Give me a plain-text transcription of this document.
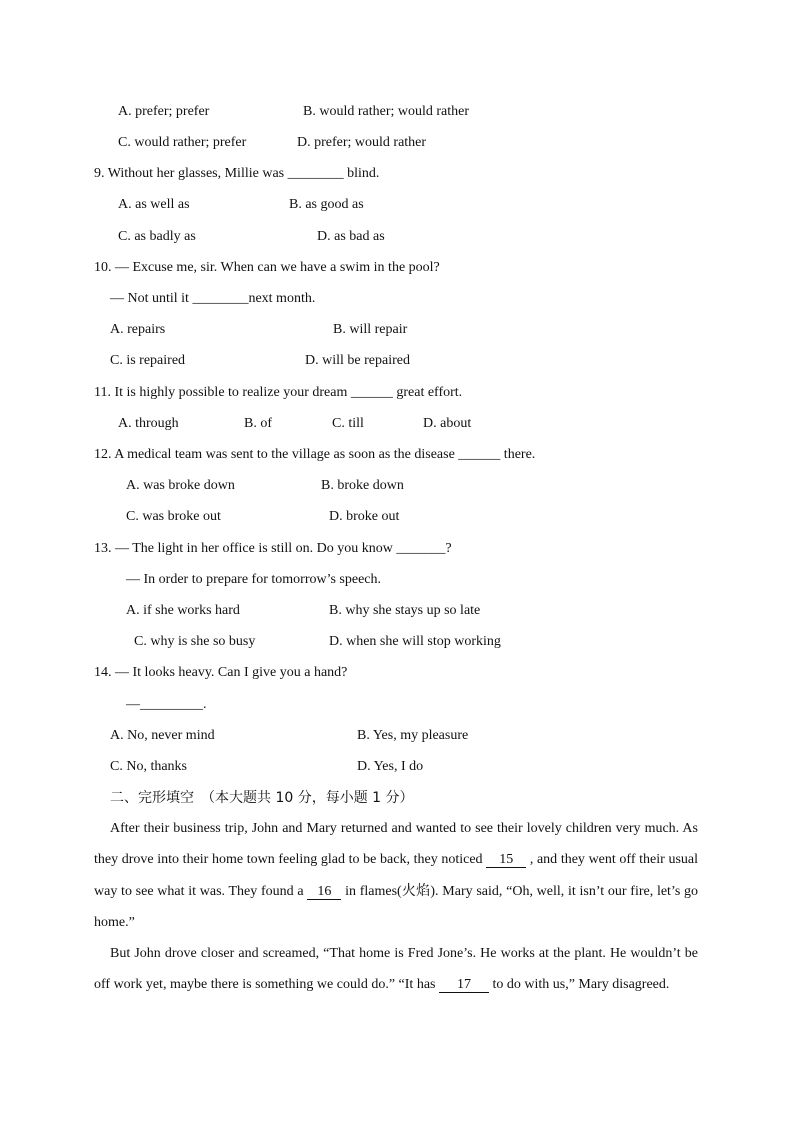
A. prefer; prefer	B. would rather; would rather
C. would rather; prefer	D. prefer; would rather
9. Without her glasses, Millie was ________ blind.
A. as well as	B. as good as
C. as badly as	D. as bad as
10. — Excuse me, sir. When can we have a swim in the pool?
— Not until it ________next month.
A. repairs	B. will repair
C. is repaired	D. will be repaired
11. It is highly possible to realize your dream ______ great effort.
A. through	B. of	C. till	D. about
12. A medical team was sent to the village as soon as the disease ______ there.
A. was broke down	B. broke down
C. was broke out	D. broke out
13. — The light in her office is still on. Do you know _______?
— In order to prepare for tomorrow’s speech.
A. if she works hard	B. why she stays up so late
C. why is she so busy	D. when she will stop working
14. — It looks heavy. Can I give you a hand?
—_________.
A. No, never mind	B. Yes, my pleasure
C. No, thanks	D. Yes, I do
二、完形填空　（本大题共 10 分，每小题 1 分）
After their business trip, John and Mary returned and wanted to see their lovely children very much. As they drove into their home town feeling glad to be back, they noticed 15 , and they went off their usual way to see what it was. They found a 16 in flames(火焰). Mary said, “Oh, well, it isn’t our fire, let’s go home.”
But John drove closer and screamed, “That home is Fred Jone’s. He works at the plant. He wouldn’t be off work yet, maybe there is something we could do.” “It has 17 to do with us,” Mary disagreed.
